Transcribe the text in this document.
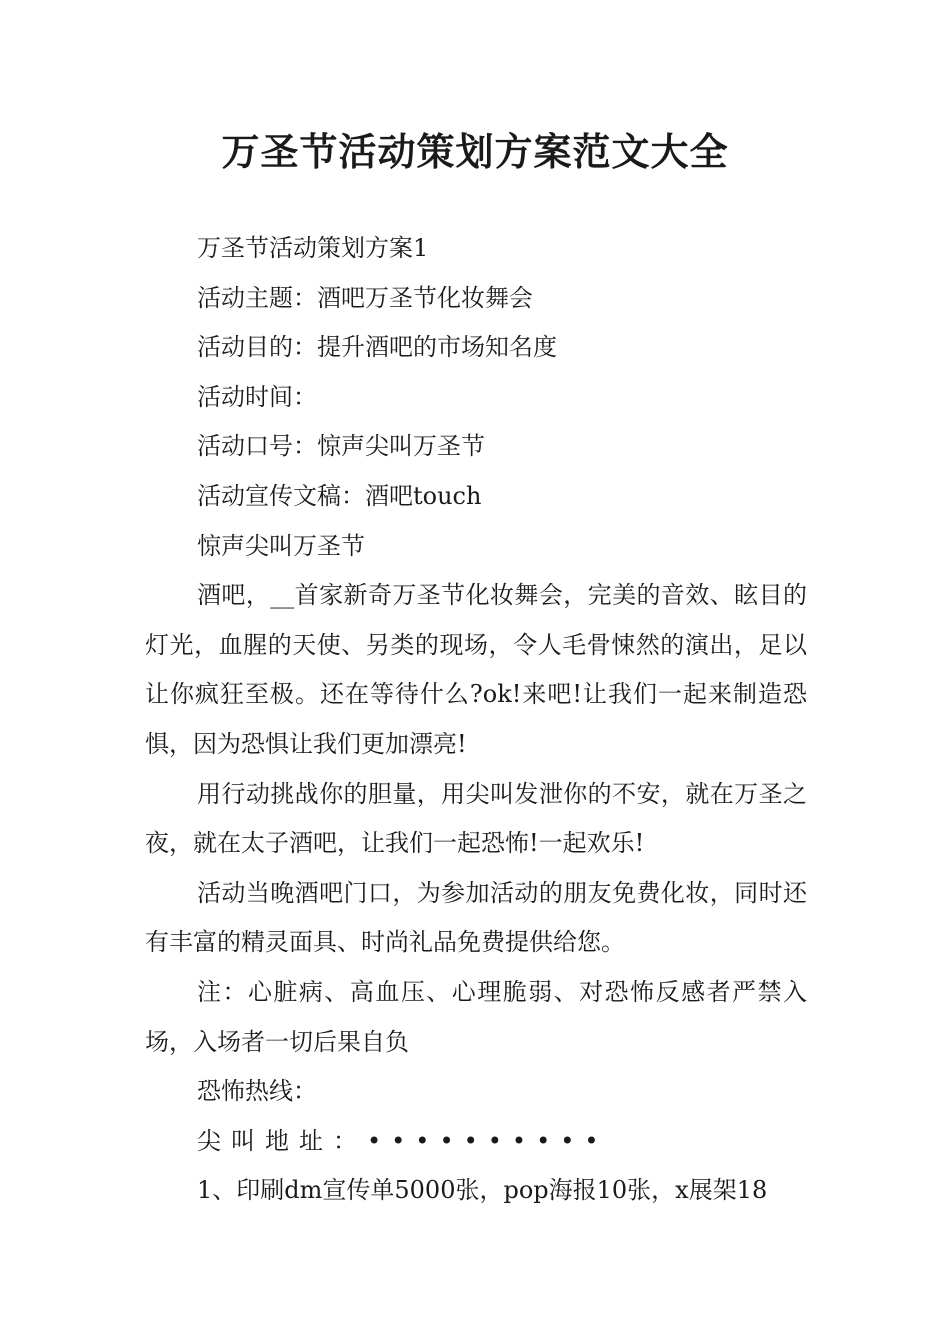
万圣节活动策划方案范文大全

万圣节活动策划方案1

活动主题：酒吧万圣节化妆舞会

活动目的：提升酒吧的市场知名度

活动时间：

活动口号：惊声尖叫万圣节

活动宣传文稿：酒吧touch

惊声尖叫万圣节

酒吧，__首家新奇万圣节化妆舞会，完美的音效、眩目的灯光，血腥的天使、另类的现场，令人毛骨悚然的演出，足以让你疯狂至极。还在等待什么?ok!来吧!让我们一起来制造恐惧，因为恐惧让我们更加漂亮!

用行动挑战你的胆量，用尖叫发泄你的不安，就在万圣之夜，就在太子酒吧，让我们一起恐怖!一起欢乐!

活动当晚酒吧门口，为参加活动的朋友免费化妆，同时还有丰富的精灵面具、时尚礼品免费提供给您。

注：心脏病、高血压、心理脆弱、对恐怖反感者严禁入场，入场者一切后果自负

恐怖热线：

尖叫地址：••••••••••

1、印刷dm宣传单5000张，pop海报10张，x展架18
